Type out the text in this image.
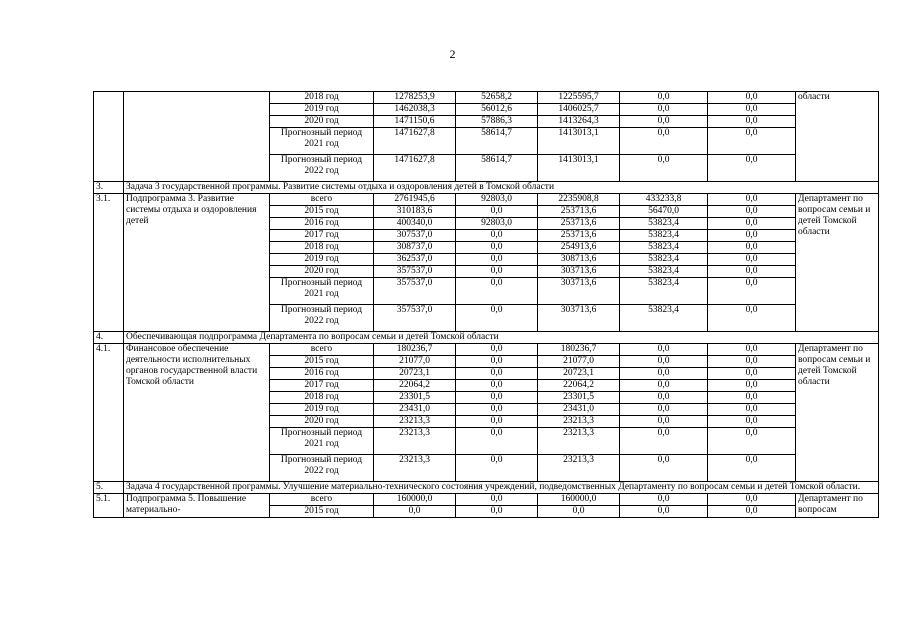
2
		2018 год	1278253,9	52658,2	1225595,7	0,0	0,0	области
		2019 год	1462038,3	56012,6	1406025,7	0,0	0,0	
		2020 год	1471150,6	57886,3	1413264,3	0,0	0,0	
		Прогнозный период 2021 год	1471627,8	58614,7	1413013,1	0,0	0,0	
		Прогнозный период 2022 год	1471627,8	58614,7	1413013,1	0,0	0,0	
3.	Задача 3 государственной программы. Развитие системы отдыха и оздоровления детей в Томской области							
3.1.	Подпрограмма 3. Развитие системы отдыха и оздоровления детей	всего	2761945,6	92803,0	2235908,8	433233,8	0,0	Департамент по вопросам семьи и детей Томской области
		2015 год	310183,6	0,0	253713,6	56470,0	0,0	
		2016 год	400340,0	92803,0	253713,6	53823,4	0,0	
		2017 год	307537,0	0,0	253713,6	53823,4	0,0	
		2018 год	308737,0	0,0	254913,6	53823,4	0,0	
		2019 год	362537,0	0,0	308713,6	53823,4	0,0	
		2020 год	357537,0	0,0	303713,6	53823,4	0,0	
		Прогнозный период 2021 год	357537,0	0,0	303713,6	53823,4	0,0	
		Прогнозный период 2022 год	357537,0	0,0	303713,6	53823,4	0,0	
4.	Обеспечивающая подпрограмма Департамента по вопросам семьи и детей Томской области							
4.1.	Финансовое обеспечение деятельности исполнительных органов государственной власти Томской области	всего	180236,7	0,0	180236,7	0,0	0,0	Департамент по вопросам семьи и детей Томской области
		2015 год	21077,0	0,0	21077,0	0,0	0,0	
		2016 год	20723,1	0,0	20723,1	0,0	0,0	
		2017 год	22064,2	0,0	22064,2	0,0	0,0	
		2018 год	23301,5	0,0	23301,5	0,0	0,0	
		2019 год	23431,0	0,0	23431,0	0,0	0,0	
		2020 год	23213,3	0,0	23213,3	0,0	0,0	
		Прогнозный период 2021 год	23213,3	0,0	23213,3	0,0	0,0	
		Прогнозный период 2022 год	23213,3	0,0	23213,3	0,0	0,0	
5.	Задача 4 государственной программы. Улучшение материально-технического состояния учреждений, подведомственных Департаменту по вопросам семьи и детей Томской области.							
5.1.	Подпрограмма 5. Повышение материально-	всего	160000,0	0,0	160000,0	0,0	0,0	Департамент по вопросам
		2015 год	0,0	0,0	0,0	0,0	0,0	
